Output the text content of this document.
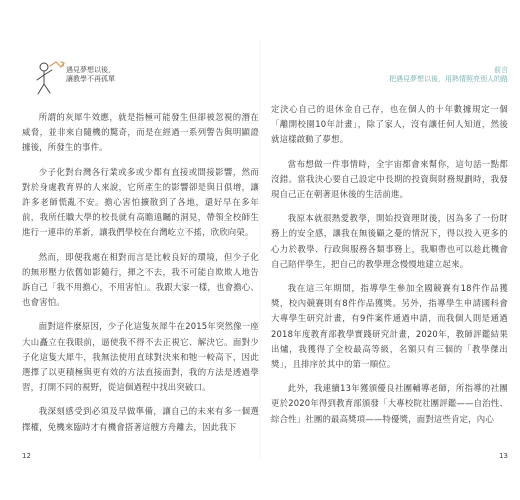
遇見夢想以後，
讓教學不再孤單

所謂的灰犀牛效應，就是指極可能發生但卻被忽視的潛在威脅，並非來自隨機的驚奇，而是在經過一系列警告與明顯證據後，所發生的事件。

少子化對台灣各行業或多或少都有直接或間接影響，然而對於身處教育界的人來說，它所產生的影響卻是與日俱增，讓許多老師慌亂不安。擔心害怕擴散到了各地，還好早在多年前，我所任職大學的校長就有高瞻遠矚的洞見，帶領全校師生進行一連串的革新，讓我們學校在台灣屹立不搖，欣欣向榮。

然而，即便我處在相對而言是比較良好的環境，但少子化的無形壓力依舊如影隨行，揮之不去，我不可能自欺欺人地告訴自己「我不用擔心，不用害怕」。我跟大家一樣，也會擔心、也會害怕。

面對這件麼原因，少子化這隻灰犀牛在2015年突然像一座大山矗立在我眼前，逼使我不得不去正視它、解決它。面對少子化這隻大犀牛，我無法使用直球對決來和牠一較高下，因此選擇了以更積極與更有效的方法直接面對，我的方法是透過學習，打開不同的視野，從這個過程中找出突破口。

我深刻感受到必須及早做準備，讓自己的未來有多一個選擇權，免機來臨時才有機會搭著這艘方舟離去，因此我下

12
前言
把遇見夢想以後，用熱情照亮別人的路

定決心自己的退休金自己存，也在個人的十年數據規定一個「離開校園10年計畫」，除了家人，沒有讓任何人知道，然後就這樣啟動了夢想。

當布想做一件事情時，全宇宙都會來幫你，這句話一點都沒錯。當我決心要自己設定中長期的投資與財務規劃時，我發現自己正在朝著退休後的生活前進。

我原本就很熱愛教學，開始投資理財後，因為多了一份財務上的安全感，讓我在無後顧之憂的情況下，得以投入更多的心力於教學、行政與服務各類事務上，我順帶也可以趁此機會自己陪伴學生，把自己的教學理念慢慢地建立起來。

我在這三年期間，指導學生參加全國競賽有18件作品獲獎，校內競賽則有8件作品獲獎。另外，指導學生申請國科會大專學生研究計畫，有9件案件通過申請，而我個人則是通過2018年度教育部教學實踐研究計畫，2020年，教師評鑑結果出爐，我獲得了全校最高等級，名額只有三個的「教學傑出獎」，且排序於其中的第一順位。

此外，我連續13年獲頒優良社團輔導老師，所指導的社團更於2020年得到教育部頒發「大專校院社團評鑑——自治性、綜合性」社團的最高獎項——特優獎，面對這些肯定，內心

13
